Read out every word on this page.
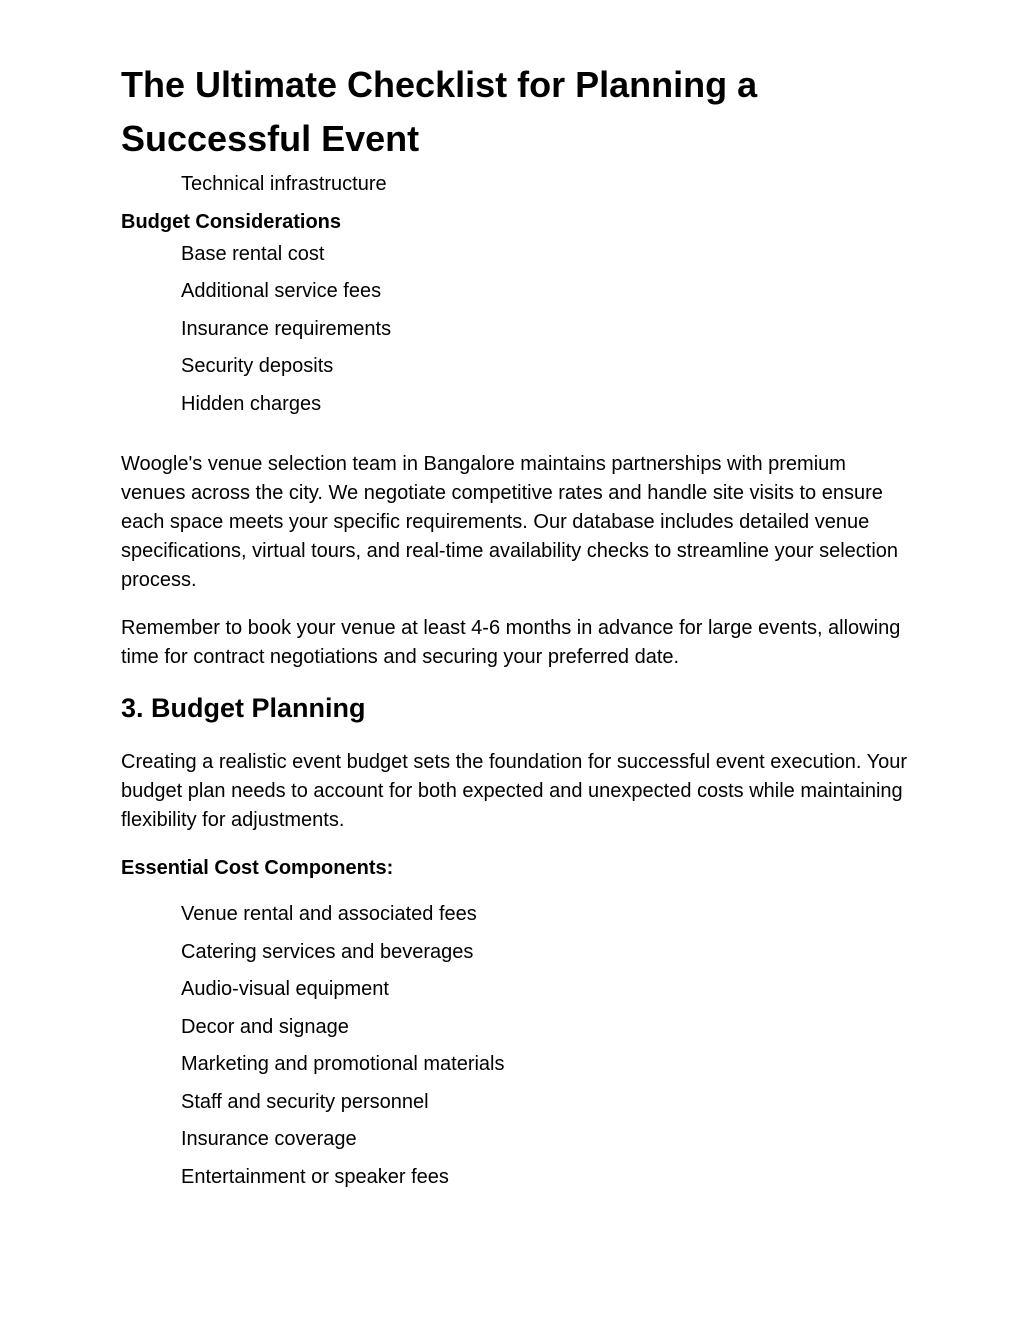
The Ultimate Checklist for Planning a Successful Event
Technical infrastructure
Budget Considerations
Base rental cost
Additional service fees
Insurance requirements
Security deposits
Hidden charges

Woogle's venue selection team in Bangalore maintains partnerships with premium venues across the city. We negotiate competitive rates and handle site visits to ensure each space meets your specific requirements. Our database includes detailed venue specifications, virtual tours, and real-time availability checks to streamline your selection process.

Remember to book your venue at least 4-6 months in advance for large events, allowing time for contract negotiations and securing your preferred date.

3. Budget Planning

Creating a realistic event budget sets the foundation for successful event execution. Your budget plan needs to account for both expected and unexpected costs while maintaining flexibility for adjustments.

Essential Cost Components:
Venue rental and associated fees
Catering services and beverages
Audio-visual equipment
Decor and signage
Marketing and promotional materials
Staff and security personnel
Insurance coverage
Entertainment or speaker fees
